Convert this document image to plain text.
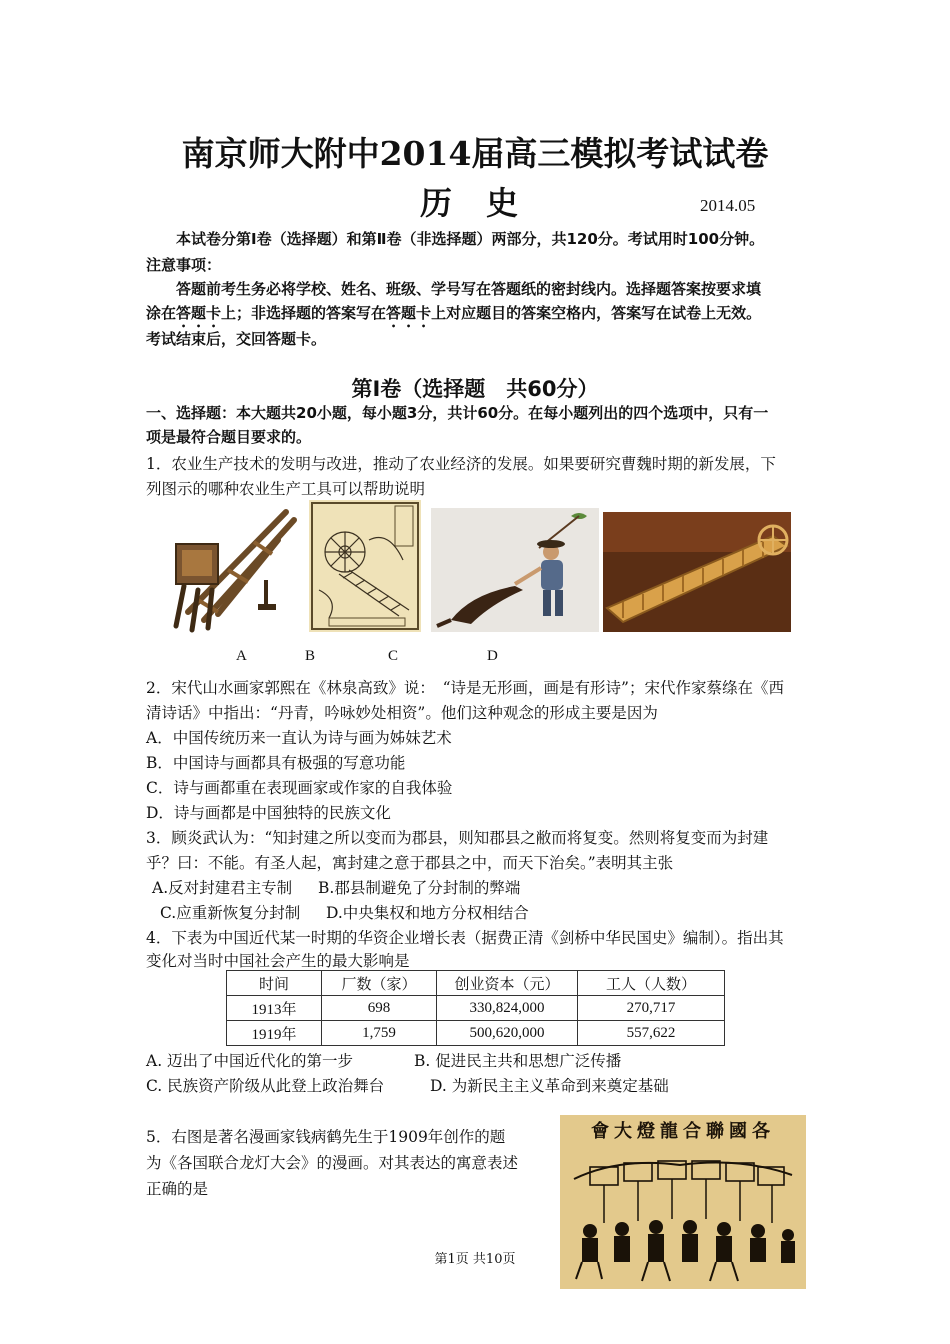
南京师大附中2014届高三模拟考试试卷
历史	2014.05
本试卷分第Ⅰ卷（选择题）和第Ⅱ卷（非选择题）两部分，共120分。考试用时100分钟。
注意事项：
答题前考生务必将学校、姓名、班级、学号写在答题纸的密封线内。选择题答案按要求填
涂在答题卡上；非选择题的答案写在答题卡上对应题目的答案空格内，答案写在试卷上无效。
考试结束后，交回答题卡。
第Ⅰ卷（选择题　共60分）
一、选择题：本大题共20小题，每小题3分，共计60分。在每小题列出的四个选项中，只有一
项是最符合题目要求的。
1．农业生产技术的发明与改进，推动了农业经济的发展。如果要研究曹魏时期的新发展，下
列图示的哪种农业生产工具可以帮助说明
A	B	C	D
2．宋代山水画家郭熙在《林泉高致》说：　“诗是无形画，画是有形诗”；宋代作家蔡绦在《西
清诗话》中指出：“丹青，吟咏妙处相资”。他们这种观念的形成主要是因为
A．中国传统历来一直认为诗与画为姊妹艺术
B．中国诗与画都具有极强的写意功能
C．诗与画都重在表现画家或作家的自我体验
D．诗与画都是中国独特的民族文化
3．顾炎武认为：“知封建之所以变而为郡县，则知郡县之敝而将复变。然则将复变而为封建
乎？曰：不能。有圣人起，寓封建之意于郡县之中，而天下治矣。”表明其主张
A.反对封建君主专制 B.郡县制避免了分封制的弊端
C.应重新恢复分封制 D.中央集权和地方分权相结合
4．下表为中国近代某一时期的华资企业增长表（据费正清《剑桥中华民国史》编制）。指出其
变化对当时中国社会产生的最大影响是
时间	厂数（家）	创业资本（元）	工人（人数）
1913年	698	330,824,000	270,717
1919年	1,759	500,620,000	557,622
A. 迈出了中国近代化的第一步	B. 促进民主共和思想广泛传播
C. 民族资产阶级从此登上政治舞台	D. 为新民主主义革命到来奠定基础
5．右图是著名漫画家钱病鹤先生于1909年创作的题
为《各国联合龙灯大会》的漫画。对其表达的寓意表述
正确的是
會大燈龍合聯國各
第1页 共10页
